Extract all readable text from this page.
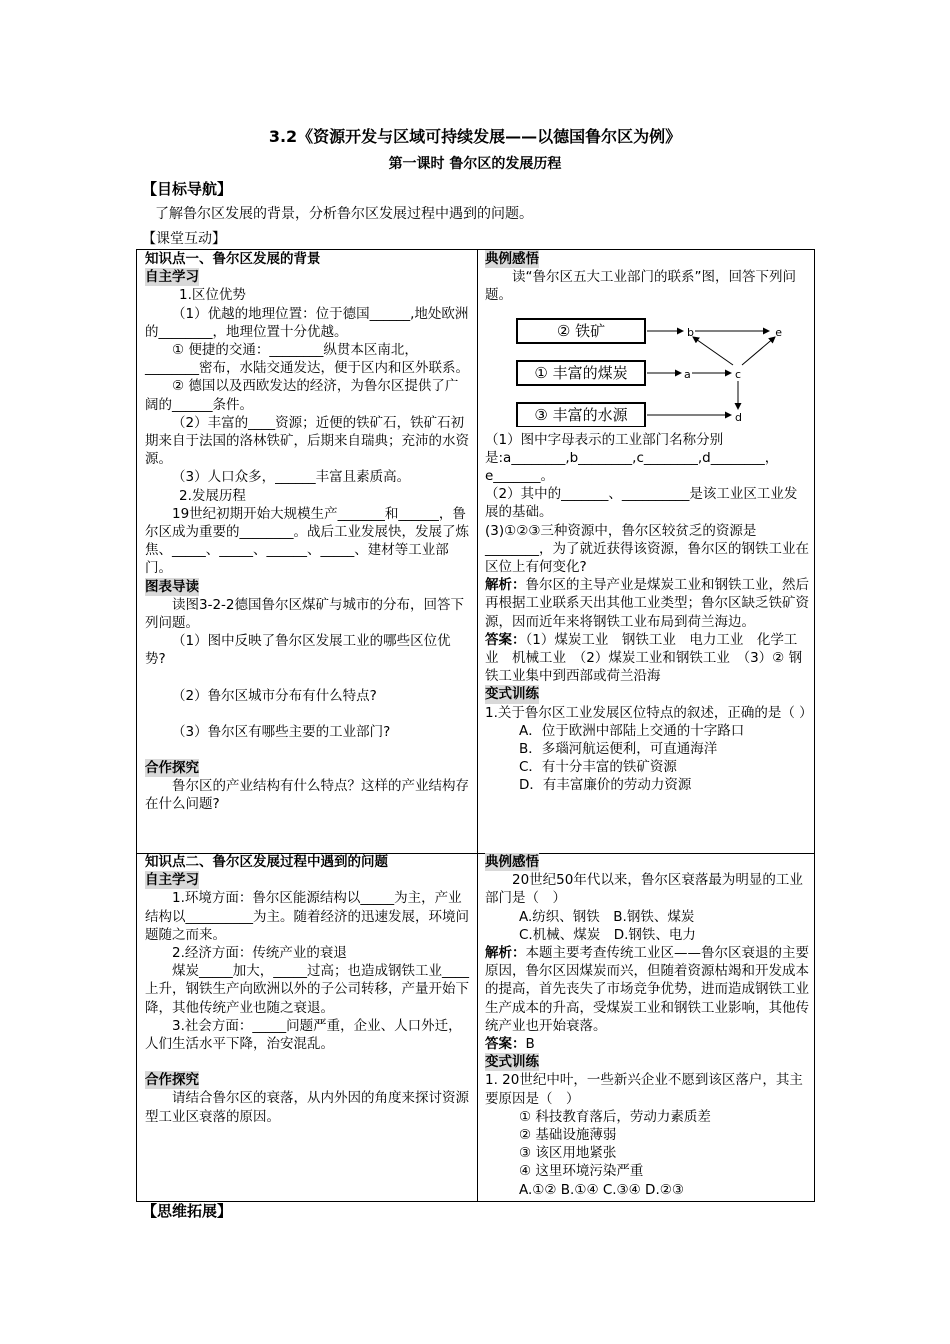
3.2《资源开发与区域可持续发展——以德国鲁尔区为例》
第一课时 鲁尔区的发展历程
【目标导航】
了解鲁尔区发展的背景，分析鲁尔区发展过程中遇到的问题。
【课堂互动】

知识点一、鲁尔区发展的背景

自主学习

1.区位优势

（1）优越的地理位置：位于德国______,地处欧洲的________，地理位置十分优越。

① 便捷的交通：________纵贯本区南北，________密布，水陆交通发达，便于区内和区外联系。

② 德国以及西欧发达的经济，为鲁尔区提供了广阔的______条件。

（2）丰富的____资源；近便的铁矿石，铁矿石初期来自于法国的洛林铁矿，后期来自瑞典；充沛的水资源。

（3）人口众多，______丰富且素质高。

2.发展历程

19世纪初期开始大规模生产_______和______，鲁尔区成为重要的________。战后工业发展快，发展了炼焦、_____、_____、______、_____、建材等工业部门。

图表导读

读图3-2-2德国鲁尔区煤矿与城市的分布，回答下列问题。

（1）图中反映了鲁尔区发展工业的哪些区位优势?

（2）鲁尔区城市分布有什么特点?

（3）鲁尔区有哪些主要的工业部门?

合作探究

鲁尔区的产业结构有什么特点？这样的产业结构存在什么问题?

典例感悟

读“鲁尔区五大工业部门的联系”图，回答下列问题。

② 铁矿
① 丰富的煤炭
③ 丰富的水源
b	e
a	c
d

（1）图中字母表示的工业部门名称分别是:a________,b________,c________,d________，e_______。

（2）其中的_______、__________是该工业区工业发展的基础。

(3)①②③三种资源中，鲁尔区较贫乏的资源是________，为了就近获得该资源，鲁尔区的钢铁工业在区位上有何变化?

解析：鲁尔区的主导产业是煤炭工业和钢铁工业，然后再根据工业联系天出其他工业类型；鲁尔区缺乏铁矿资源，因而近年来将钢铁工业布局到荷兰海边。

答案：（1）煤炭工业　钢铁工业　电力工业　化学工业　机械工业　（2）煤炭工业和钢铁工业　（3）② 钢铁工业集中到西部或荷兰沿海

变式训练

1.关于鲁尔区工业发展区位特点的叙述，正确的是（ ）

A．位于欧洲中部陆上交通的十字路口

B．多瑙河航运便利，可直通海洋

C．有十分丰富的铁矿资源

D．有丰富廉价的劳动力资源

知识点二、鲁尔区发展过程中遇到的问题

自主学习

1.环境方面：鲁尔区能源结构以_____为主，产业结构以__________为主。随着经济的迅速发展，环境问题随之而来。

2.经济方面：传统产业的衰退

煤炭_____加大，_____过高；也造成钢铁工业____上升，钢铁生产向欧洲以外的子公司转移，产量开始下降，其他传统产业也随之衰退。

3.社会方面：_____问题严重，企业、人口外迁，人们生活水平下降，治安混乱。

合作探究

请结合鲁尔区的衰落，从内外因的角度来探讨资源型工业区衰落的原因。

典例感悟

20世纪50年代以来，鲁尔区衰落最为明显的工业部门是（　）

A.纺织、钢铁　B.钢铁、煤炭

C.机械、煤炭　D.钢铁、电力

解析：本题主要考查传统工业区——鲁尔区衰退的主要原因，鲁尔区因煤炭而兴，但随着资源枯竭和开发成本的提高，首先丧失了市场竞争优势，进而造成钢铁工业生产成本的升高，受煤炭工业和钢铁工业影响，其他传统产业也开始衰落。

答案：B

变式训练

1. 20世纪中叶，一些新兴企业不愿到该区落户，其主要原因是（　）

① 科技教育落后，劳动力素质差

② 基础设施薄弱

③ 该区用地紧张

④ 这里环境污染严重

A.①② B.①④ C.③④ D.②③

【思维拓展】
